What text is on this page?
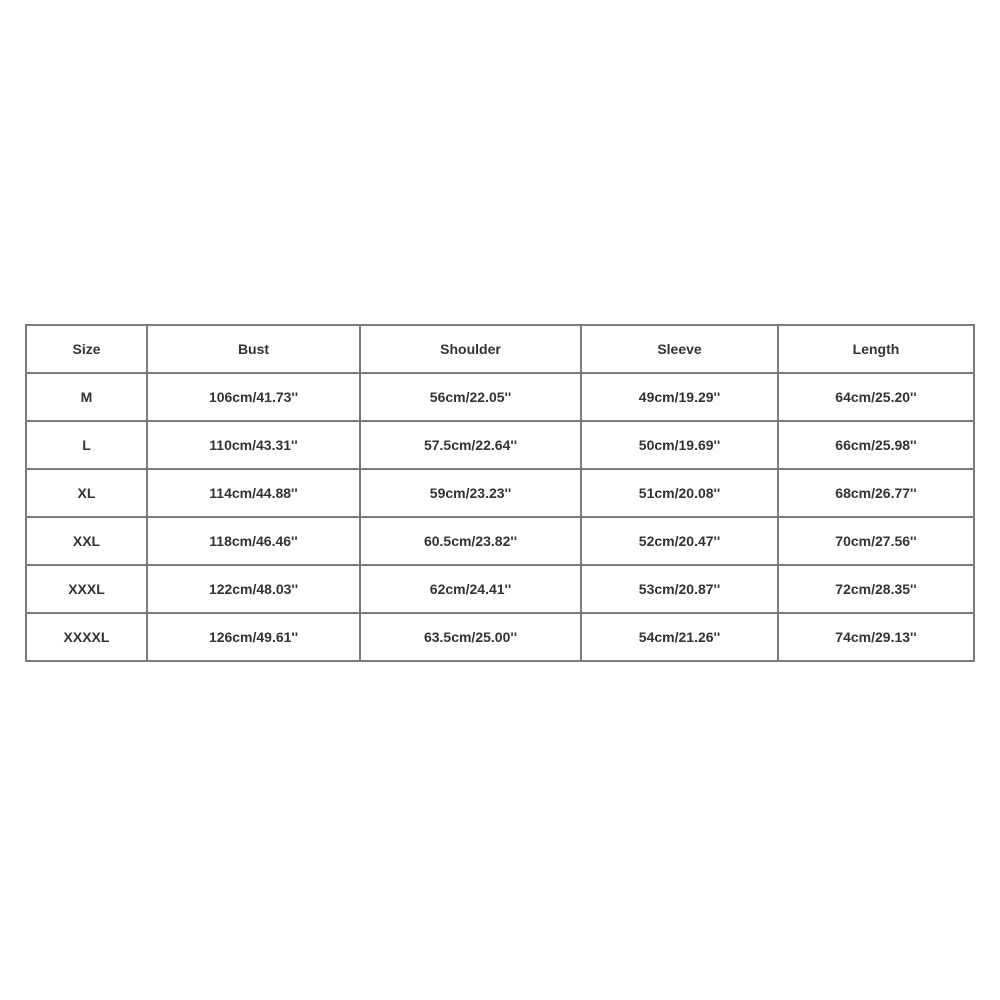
Size	Bust	Shoulder	Sleeve	Length
M	106cm/41.73''	56cm/22.05''	49cm/19.29''	64cm/25.20''
L	110cm/43.31''	57.5cm/22.64''	50cm/19.69''	66cm/25.98''
XL	114cm/44.88''	59cm/23.23''	51cm/20.08''	68cm/26.77''
XXL	118cm/46.46''	60.5cm/23.82''	52cm/20.47''	70cm/27.56''
XXXL	122cm/48.03''	62cm/24.41''	53cm/20.87''	72cm/28.35''
XXXXL	126cm/49.61''	63.5cm/25.00''	54cm/21.26''	74cm/29.13''
